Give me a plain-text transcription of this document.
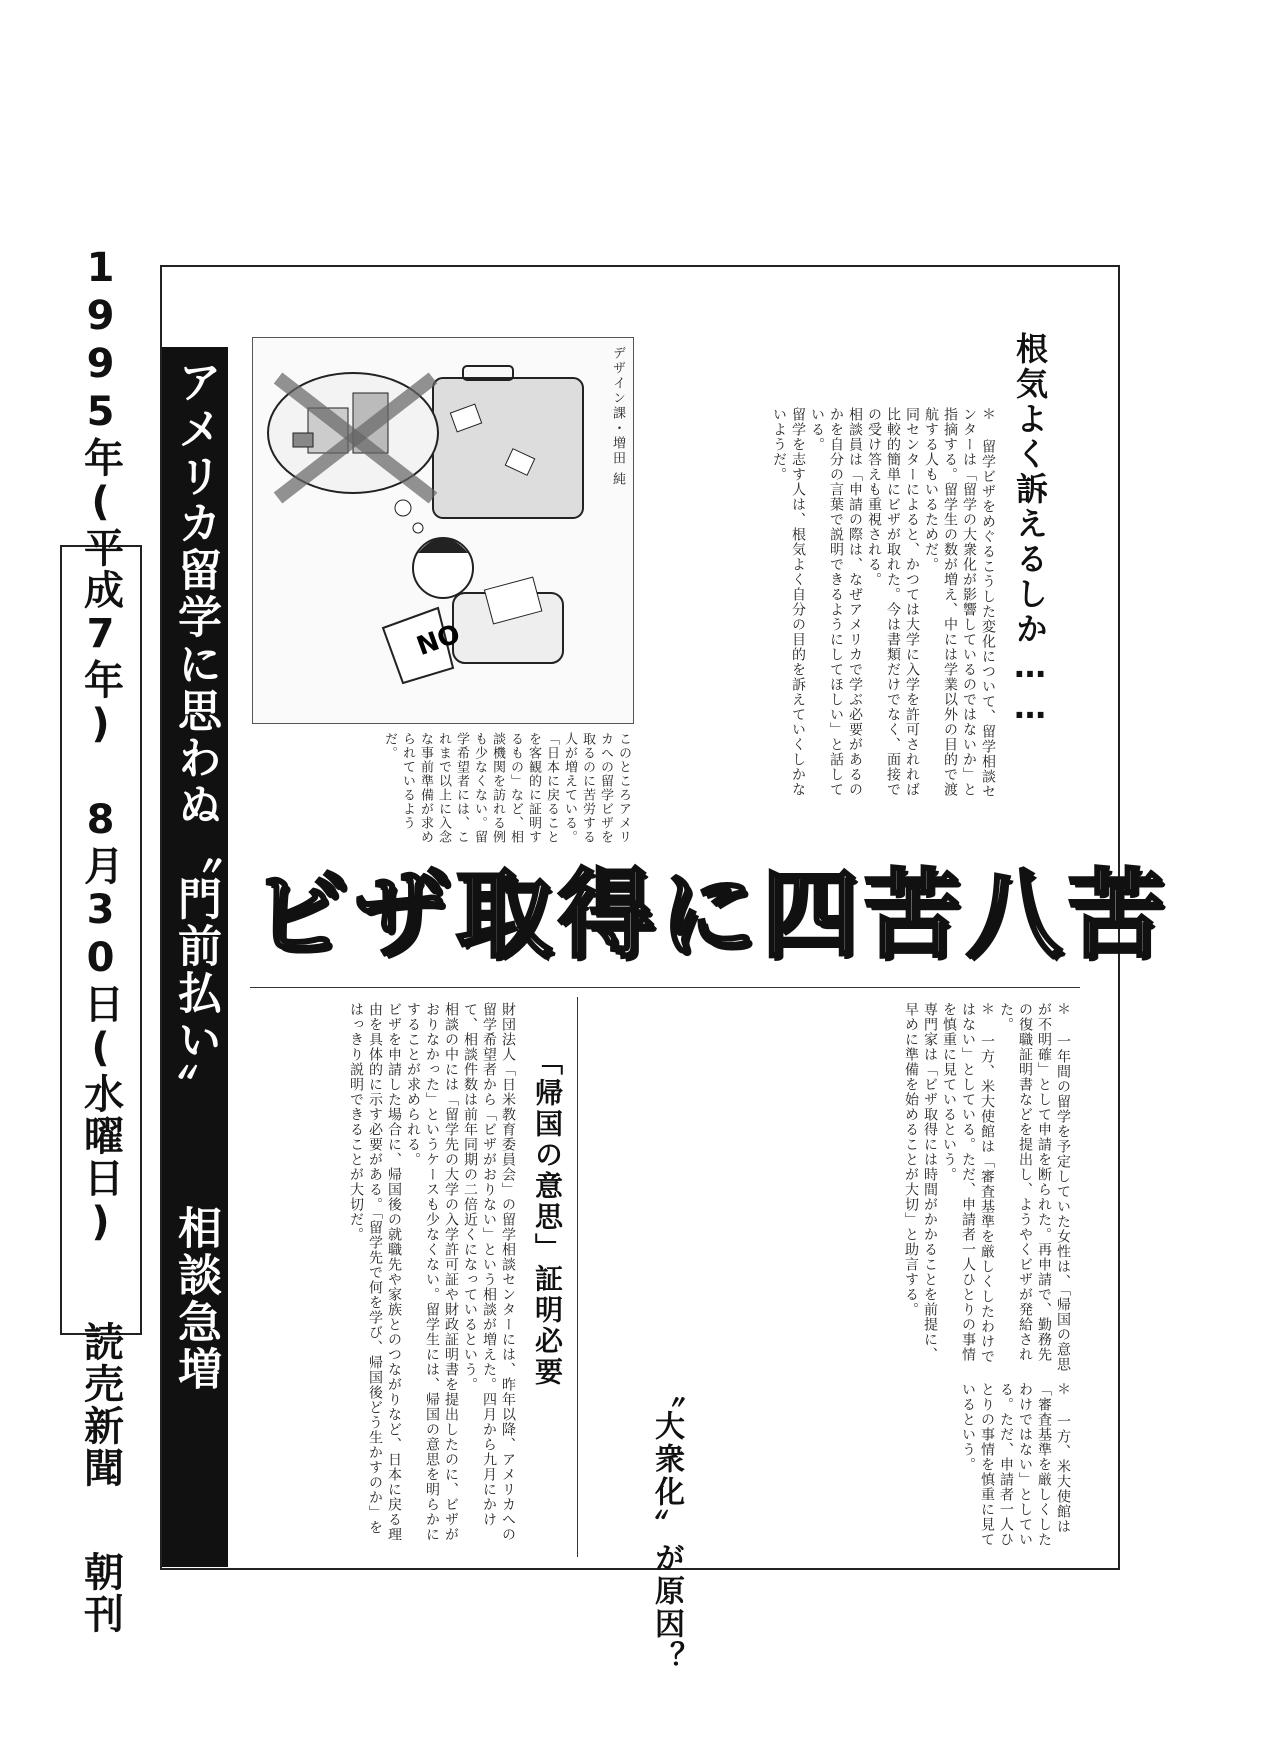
1995年(平成7年) 8月30日(水曜日) 読売新聞 朝刊
アメリカ留学に思わぬ〝門前払い〟 相談急増
NO
デザイン課・増田 純	根気よく訴えるしか……
＊ 留学ビザをめぐるこうした変化について、留学相談センターは「留学の大衆化が影響しているのではないか」と指摘する。留学生の数が増え、中には学業以外の目的で渡航する人もいるためだ。
同センターによると、かつては大学に入学を許可されれば比較的簡単にビザが取れた。今は書類だけでなく、面接での受け答えも重視される。
相談員は「申請の際は、なぜアメリカで学ぶ必要があるのかを自分の言葉で説明できるようにしてほしい」と話している。
留学を志す人は、根気よく自分の目的を訴えていくしかないようだ。
このところアメリカへの留学ビザを取るのに苦労する人が増えている。「日本に戻ることを客観的に証明するもの」など、相談機関を訪れる例も少なくない。留学希望者には、これまで以上に入念な事前準備が求められているようだ。
ビザ取得に四苦八苦
「帰国の意思」証明必要
財団法人「日米教育委員会」の留学相談センターには、昨年以降、アメリカへの留学希望者から「ビザがおりない」という相談が増えた。四月から九月にかけて、相談件数は前年同期の二倍近くになっているという。
相談の中には「留学先の大学の入学許可証や財政証明書を提出したのに、ビザがおりなかった」というケースも少なくない。留学生には、帰国の意思を明らかにすることが求められる。
ビザを申請した場合に、帰国後の就職先や家族とのつながりなど、日本に戻る理由を具体的に示す必要がある。「留学先で何を学び、帰国後どう生かすのか」をはっきり説明できることが大切だ。	＊ 一年間の留学を予定していた女性は、「帰国の意思が不明確」として申請を断られた。再申請で、勤務先の復職証明書などを提出し、ようやくビザが発給された。
＊ 一方、米大使館は「審査基準を厳しくしたわけではない」としている。ただ、申請者一人ひとりの事情を慎重に見ているという。
専門家は「ビザ取得には時間がかかることを前提に、早めに準備を始めることが大切」と助言する。
〝大衆化〟が原因？	＊ 一方、米大使館は「審査基準を厳しくしたわけではない」としている。ただ、申請者一人ひとりの事情を慎重に見ているという。
